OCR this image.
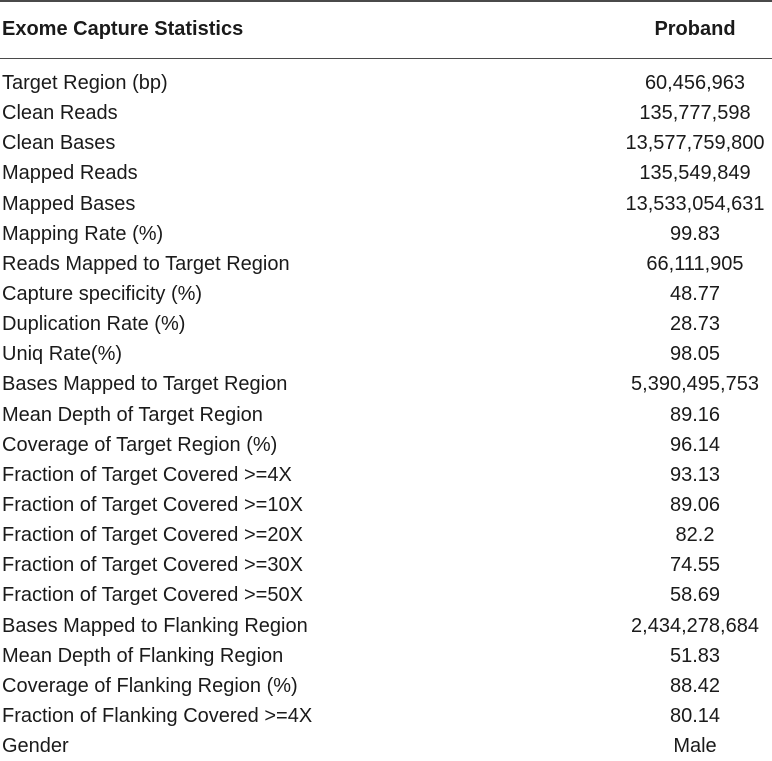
Exome Capture Statistics	Proband
Target Region (bp)	60,456,963
Clean Reads	135,777,598
Clean Bases	13,577,759,800
Mapped Reads	135,549,849
Mapped Bases	13,533,054,631
Mapping Rate (%)	99.83
Reads Mapped to Target Region	66,111,905
Capture specificity (%)	48.77
Duplication Rate (%)	28.73
Uniq Rate(%)	98.05
Bases Mapped to Target Region	5,390,495,753
Mean Depth of Target Region	89.16
Coverage of Target Region (%)	96.14
Fraction of Target Covered >=4X	93.13
Fraction of Target Covered >=10X	89.06
Fraction of Target Covered >=20X	82.2
Fraction of Target Covered >=30X	74.55
Fraction of Target Covered >=50X	58.69
Bases Mapped to Flanking Region	2,434,278,684
Mean Depth of Flanking Region	51.83
Coverage of Flanking Region (%)	88.42
Fraction of Flanking Covered >=4X	80.14
Gender	Male
